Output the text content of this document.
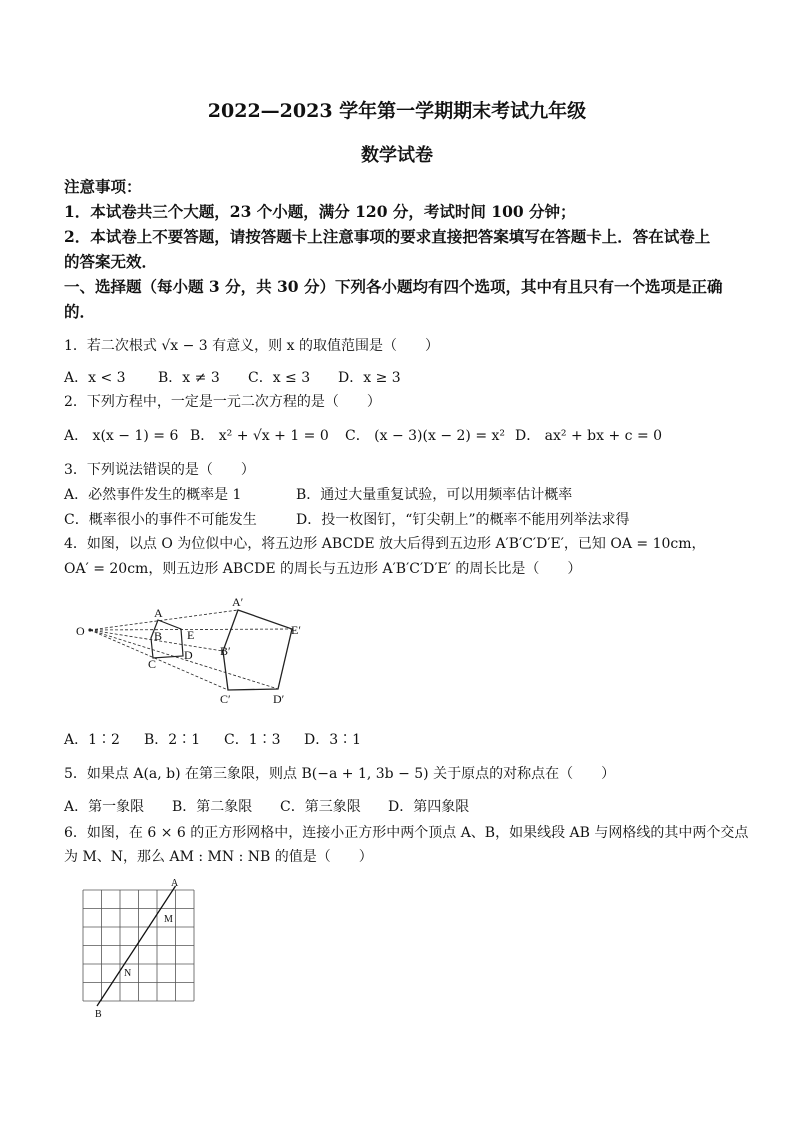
2022—2023 学年第一学期期末考试九年级
数学试卷
注意事项：
1．本试卷共三个大题，23 个小题，满分 120 分，考试时间 100 分钟；
2．本试卷上不要答题，请按答题卡上注意事项的要求直接把答案填写在答题卡上．答在试卷上
的答案无效．
一、选择题（每小题 3 分，共 30 分）下列各小题均有四个选项，其中有且只有一个选项是正确
的．
1．若二次根式 √x − 3 有意义，则 x 的取值范围是（　　）
A．x < 3 B．x ≠ 3 C．x ≤ 3 D．x ≥ 3
2．下列方程中，一定是一元二次方程的是（　　）
A． x(x − 1) = 6 B． x² + √x + 1 = 0 C． (x − 3)(x − 2) = x² D． ax² + bx + c = 0
3．下列说法错误的是（　　）
A．必然事件发生的概率是 1	B．通过大量重复试验，可以用频率估计概率
C．概率很小的事件不可能发生	D．投一枚图钉，“钉尖朝上”的概率不能用列举法求得
4．如图，以点 O 为位似中心，将五边形 ABCDE 放大后得到五边形 A′B′C′D′E′，已知 OA = 10cm，
OA′ = 20cm，则五边形 ABCDE 的周长与五边形 A′B′C′D′E′ 的周长比是（　　）
O
A
B
C
D
E
A′
B′
C′	D′
E′
A．1∶2 B．2∶1 C．1∶3 D．3∶1
5．如果点 A(a, b) 在第三象限，则点 B(−a + 1, 3b − 5) 关于原点的对称点在（　　）
A．第一象限 B．第二象限 C．第三象限 D．第四象限
6．如图，在 6 × 6 的正方形网格中，连接小正方形中两个顶点 A、B，如果线段 AB 与网格线的其中两个交点
为 M、N，那么 AM : MN : NB 的值是（　　）
A
M
N
B
